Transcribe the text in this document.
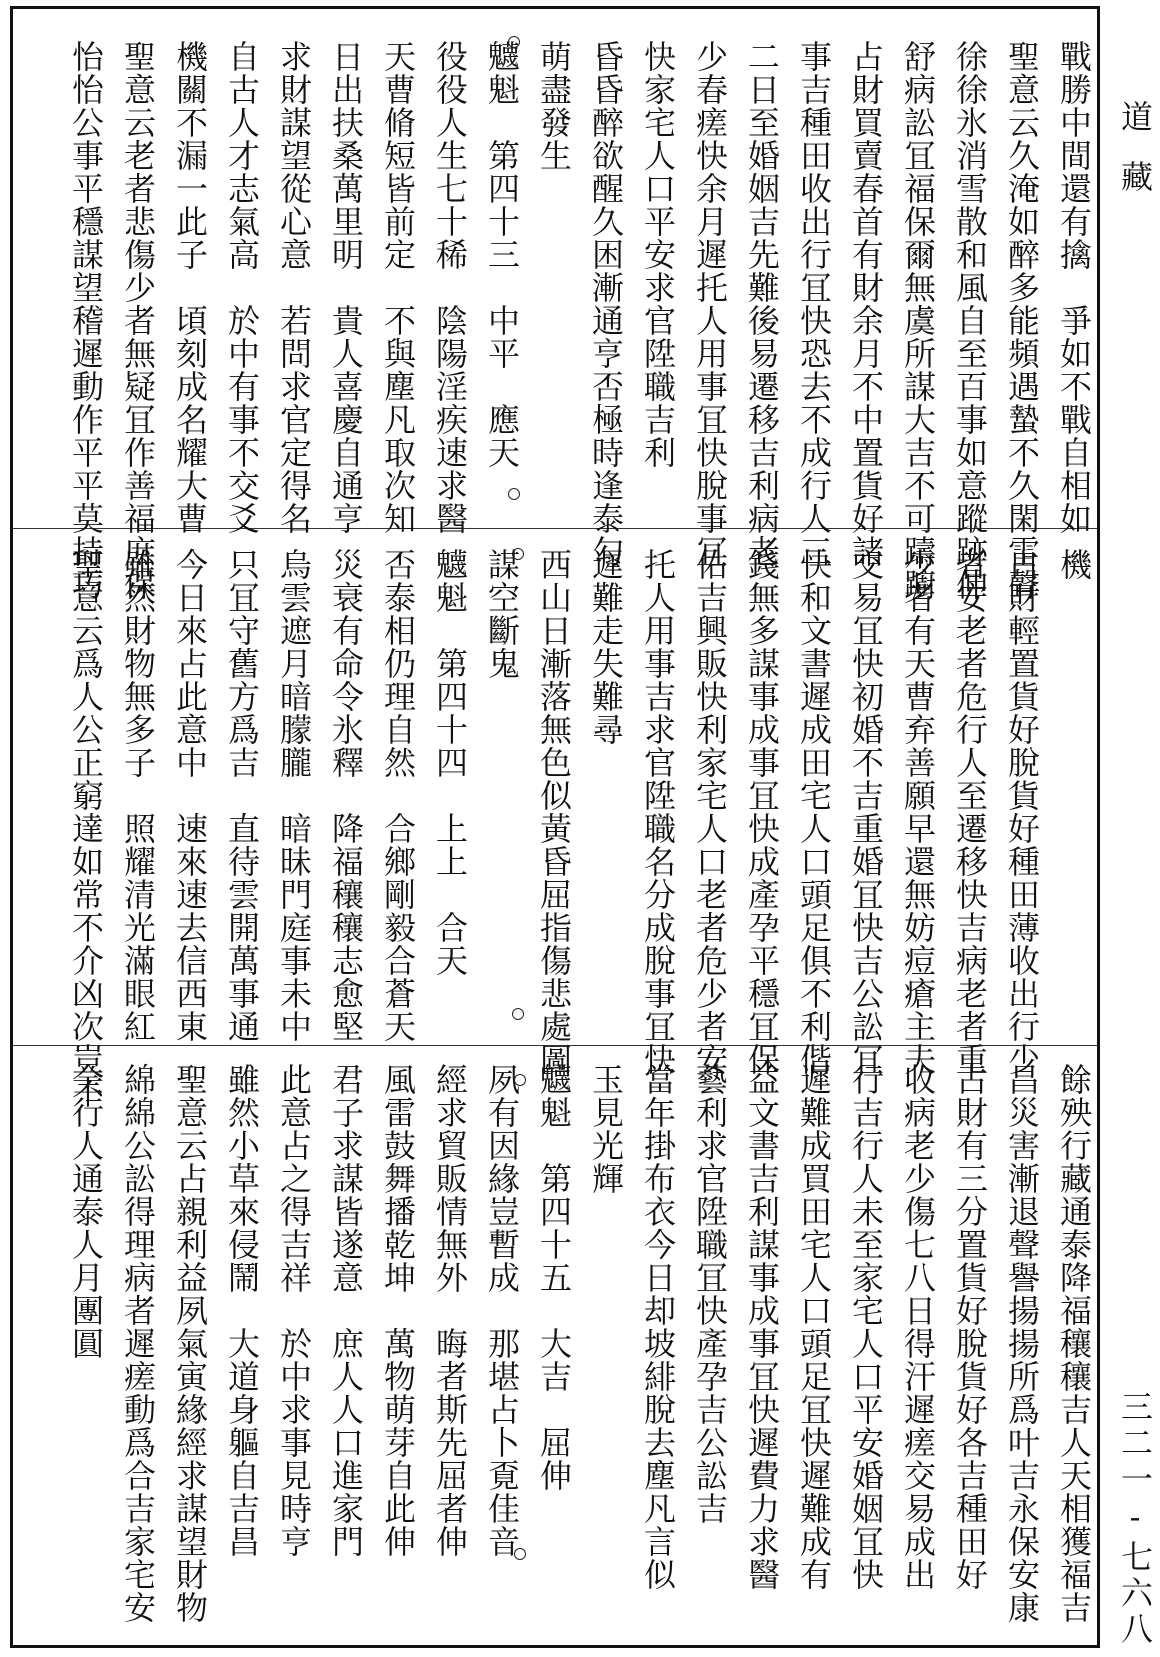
道藏
三二一-七六八
戰勝中間還有擒　爭如不戰自相如
聖意云久淹如醉多能頻遇蟄不久閑雷聲
徐徐氷消雪散和風自至百事如意蹤跡伸
舒病訟冝福保爾無虞所謀大吉不可躊躕
占財買賣春首有財余月不中置貨好諸
事吉種田收出行冝快恐去不成行人三
二日至婚姻吉先難後易遷移吉利病老
少春瘥快余月遲托人用事冝快脫事冝
快家宅人口平安求官陞職吉利
昏昏醉欲醒久困漸通亨否極時逢泰勾
萌盡發生
𩴾魁　第四十三　中平　應天
役役人生七十稀　陰陽淫疾速求醫
天曹脩短皆前定　不與塵凡取次知
日出扶桑萬里明　貴人喜慶自通亨
求財謀望從心意　若問求官定得名
自古人才志氣高　於中有事不交爻
機關不漏一此子　頃刻成名耀大曹
聖意云老者悲傷少者無疑冝作善福庶保
怡怡公事平穩謀望稽遲動作平平莫持巧	機
占財輕置貨好脫貨好種田薄收出行少
者安老者危行人至遷移快吉病老者重
少者有天曹弃善願早還無妨痘瘡主夫
交易冝快初婚不吉重婚冝快吉公訟冝
快和文書遲成田宅人口頭足俱不利偕
錢無多謀事成事冝快成產孕平穩冝保
佑吉興販快利家宅人口老者危少者安
托人用事吉求官陞職名分成脫事冝快
遲難走失難尋
西山日漸落無色似黃昏屈指傷悲處圖
謀空斷鬼
𩴾魁　第四十四　上上　合天
否泰相仍理自然　合鄉剛毅合蒼天
災衰有命令氷釋　降福穰穰志愈堅
烏雲遮月暗朦朧　暗昧門庭事未中
只冝守舊方爲吉　直待雲開萬事通
今日來占此意中　速來速去信西東
雖然財物無多子　照耀清光滿眼紅
聖意云爲人公正窮達如常不介凶次豈不
餘殃行藏通泰降福穰穰吉人天相獲福吉
昌災害漸退聲譽揚揚所爲叶吉永保安康
占財有三分置貨好脫貨好各吉種田好
收病老少傷七八日得汗遲瘥交易成出
行吉行人未至家宅人口平安婚姻冝快
遲難成買田宅人口頭足冝快遲難成有
益文書吉利謀事成事冝快遲費力求醫
藝利求官陞職冝快產孕吉公訟吉
當年掛布衣今日却坡緋脫去塵凡言似
玉見光輝
𩴾魁　第四十五　大吉　屈伸
夙有因緣豈暫成　那堪占卜覔佳音
經求貿販情無外　晦者斯先屈者伸
風雷鼓舞播乾坤　萬物萌芽自此伸
君子求謀皆遂意　庶人人口進家門
此意占之得吉祥　於中求事見時亨
雖然小草來侵鬧　大道身軀自吉昌
聖意云占親利益夙氣寅緣經求謀望財物
綿綿公訟得理病者遲瘥動爲合吉家宅安
全行人通泰人月團圓
